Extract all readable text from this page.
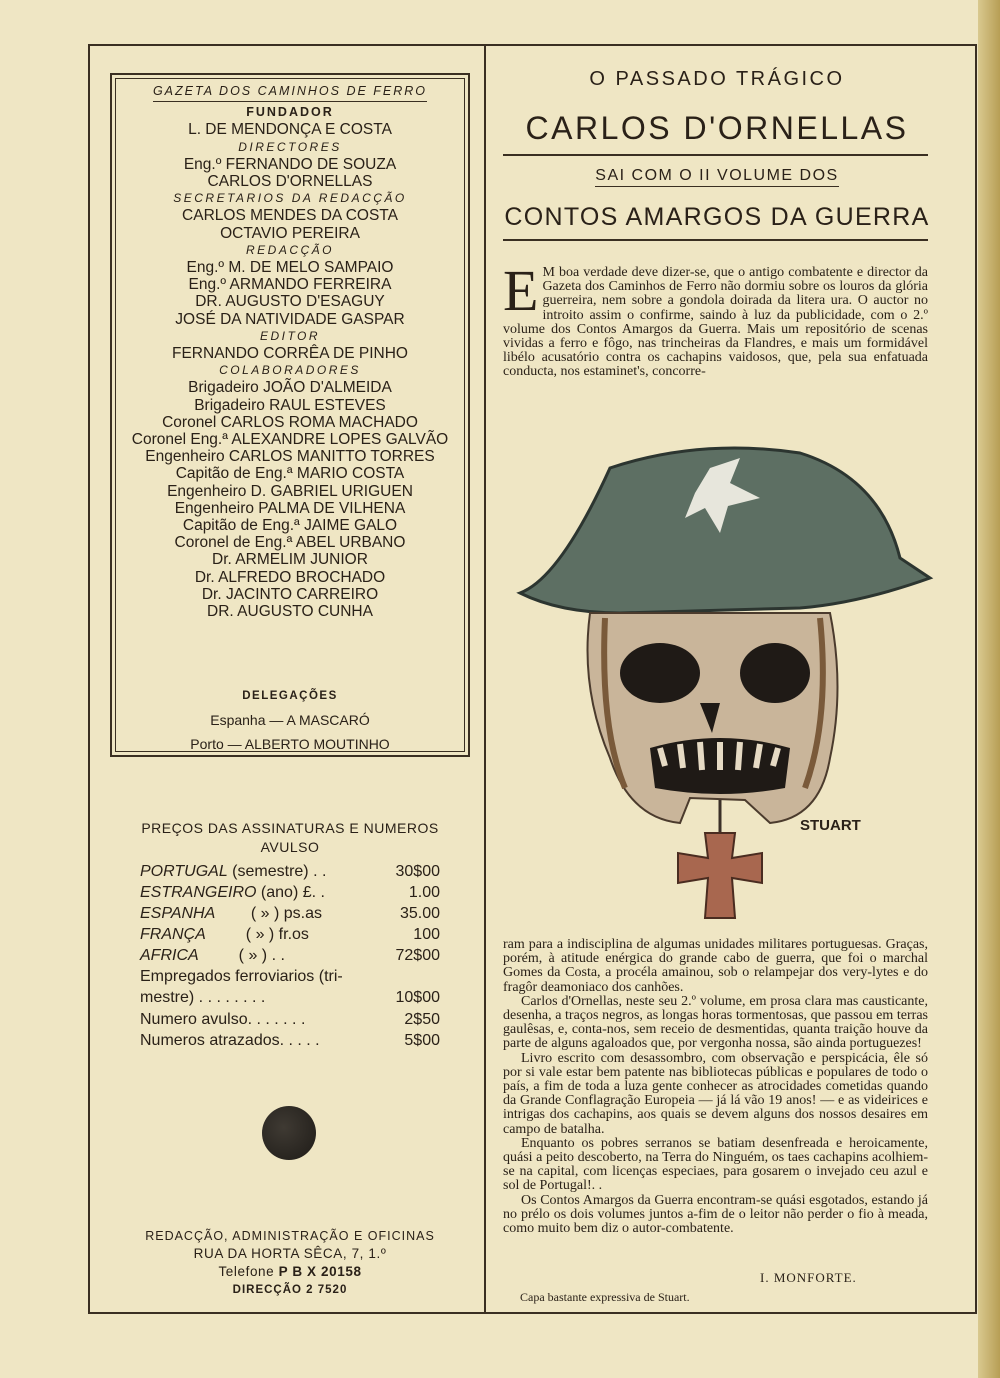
GAZETA DOS CAMINHOS DE FERRO
FUNDADOR
L. DE MENDONÇA E COSTA
DIRECTORES
Eng.º FERNANDO DE SOUZA
CARLOS D'ORNELLAS
SECRETARIOS DA REDACÇÃO
CARLOS MENDES DA COSTA
OCTAVIO PEREIRA
REDACÇÃO
Eng.º M. DE MELO SAMPAIO
Eng.º ARMANDO FERREIRA
DR. AUGUSTO D'ESAGUY
JOSÉ DA NATIVIDADE GASPAR
EDITOR
FERNANDO CORRÊA DE PINHO
COLABORADORES
Brigadeiro JOÃO D'ALMEIDA
Brigadeiro RAUL ESTEVES
Coronel CARLOS ROMA MACHADO
Coronel Eng.ª ALEXANDRE LOPES GALVÃO
Engenheiro CARLOS MANITTO TORRES
Capitão de Eng.ª MARIO COSTA
Engenheiro D. GABRIEL URIGUEN
Engenheiro PALMA DE VILHENA
Capitão de Eng.ª JAIME GALO
Coronel de Eng.ª ABEL URBANO
Dr. ARMELIM JUNIOR
Dr. ALFREDO BROCHADO
Dr. JACINTO CARREIRO
DR. AUGUSTO CUNHA
DELEGAÇÕES
Espanha — A MASCARÓ
Porto — ALBERTO MOUTINHO
PREÇOS DAS ASSINATURAS E NUMEROS
AVULSO
PORTUGAL (semestre) . .	30$00
ESTRANGEIRO (ano) £. .	1.00
ESPANHA        ( » ) ps.as	35.00
FRANÇA         ( » ) fr.os	100
AFRICA         ( » ) . .	72$00
Empregados ferroviarios (tri-
mestre) . . . . . . . .	10$00
Numero avulso. . . . . . .	2$50
Numeros atrazados. . . . .	5$00
REDACÇÃO, ADMINISTRAÇÃO E OFICINAS
RUA DA HORTA SÊCA, 7, 1.º
Telefone P B X 20158
DIRECÇÃO 2 7520
O PASSADO TRÁGICO
CARLOS D'ORNELLAS
SAI COM O II VOLUME DOS
CONTOS AMARGOS DA GUERRA
E M boa verdade deve dizer-se, que o antigo combatente e director da Gazeta dos Caminhos de Ferro não dormiu sobre os louros da glória guerreira, nem sobre a gondola doirada da litera ura. O auctor no introito assim o confirme, saindo à luz da publicidade, com o 2.º volume dos Contos Amargos da Guerra. Mais um repositório de scenas vividas a ferro e fôgo, nas trincheiras da Flandres, e mais um formidável libélo acusatório contra os cachapins vaidosos, que, pela sua enfatuada conducta, nos estaminet's, concorre-
STUART

ram para a indisciplina de algumas unidades militares portuguesas. Graças, porém, à atitude enérgica do grande cabo de guerra, que foi o marchal Gomes da Costa, a procéla amainou, sob o relampejar dos very-lytes e do fragôr deamoniaco dos canhões.

Carlos d'Ornellas, neste seu 2.º volume, em prosa clara mas causticante, desenha, a traços negros, as longas horas tormentosas, que passou em terras gaulêsas, e, conta-nos, sem receio de desmentidas, quanta traição houve da parte de alguns agaloados que, por vergonha nossa, são ainda portuguezes!

Livro escrito com desassombro, com observação e perspicácia, êle só por si vale estar bem patente nas bibliotecas públicas e populares de todo o país, a fim de toda a luza gente conhecer as atrocidades cometidas quando da Grande Conflagração Europeia — já lá vão 19 anos! — e as videirices e intrigas dos cachapins, aos quais se devem alguns dos nossos desaires em campo de batalha.

Enquanto os pobres serranos se batiam desenfreada e heroicamente, quási a peito descoberto, na Terra do Ninguém, os taes cachapins acolhiem-se na capital, com licenças especiaes, para gosarem o invejado ceu azul e sol de Portugal!. .

Os Contos Amargos da Guerra encontram-se quási esgotados, estando já no prélo os dois volumes juntos a-fim de o leitor não perder o fio à meada, como muito bem diz o autor-combatente.

I. MONFORTE.
Capa bastante expressiva de Stuart.
